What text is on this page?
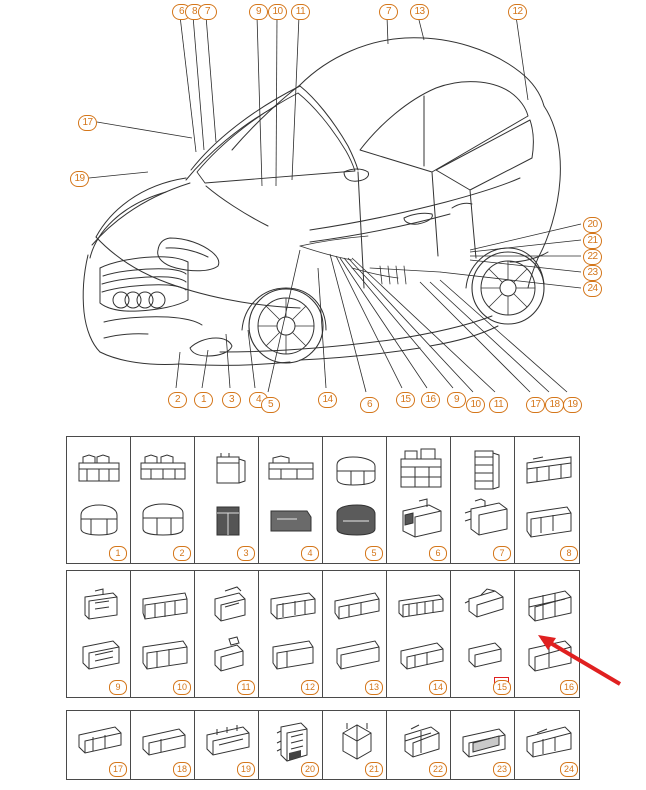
6 8 7	9	10	11	7	13	12
17
19
20
21
22
23
24
2	1	3	4 5	14	6	15	16	9	10	11	17 18 19
1	2	3	4	5	6	7	8
9	10	11	12	13	14	15	16
17	18	19	20	21	22	23	24
